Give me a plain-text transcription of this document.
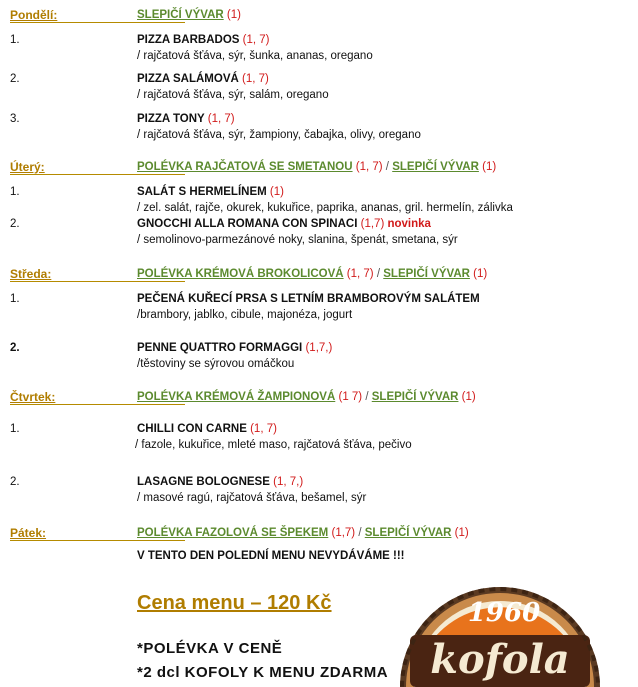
Pondělí:	SLEPIČÍ VÝVAR (1)
1.	PIZZA BARBADOS (1, 7)
/ rajčatová šťáva, sýr, šunka, ananas, oregano
2.	PIZZA SALÁMOVÁ (1, 7)
/ rajčatová šťáva, sýr, salám, oregano
3.	PIZZA TONY (1, 7)
/ rajčatová šťáva, sýr, žampiony, čabajka, olivy, oregano
Úterý:	POLÉVKA RAJČATOVÁ SE SMETANOU (1, 7) / SLEPIČÍ VÝVAR (1)
1.	SALÁT S HERMELÍNEM (1)
/ zel. salát, rajče, okurek, kukuřice, paprika, ananas, gril. hermelín, zálivka
2.	GNOCCHI ALLA ROMANA CON SPINACI (1,7) novinka
/ semolinovo-parmezánové noky, slanina, špenát, smetana, sýr
Středa:	POLÉVKA KRÉMOVÁ BROKOLICOVÁ (1, 7) / SLEPIČÍ VÝVAR (1)
1.	PEČENÁ KUŘECÍ PRSA S LETNÍM BRAMBOROVÝM SALÁTEM
/brambory, jablko, cibule, majonéza, jogurt
2.	PENNE QUATTRO FORMAGGI (1,7,)
/těstoviny se sýrovou omáčkou
Čtvrtek:	POLÉVKA KRÉMOVÁ ŽAMPIONOVÁ (1 7) / SLEPIČÍ VÝVAR (1)
1.	CHILLI CON CARNE (1, 7)
/ fazole, kukuřice, mleté maso, rajčatová šťáva, pečivo
2.	LASAGNE BOLOGNESE (1, 7,)
/ masové ragú, rajčatová šťáva, bešamel, sýr
Pátek:	POLÉVKA FAZOLOVÁ SE ŠPEKEM (1,7) / SLEPIČÍ VÝVAR (1)
V TENTO DEN POLEDNÍ MENU NEVYDÁVÁME !!!
Cena menu – 120 Kč
*POLÉVKA V CENĚ
*2 dcl KOFOLY K MENU ZDARMA
1960
kofola
